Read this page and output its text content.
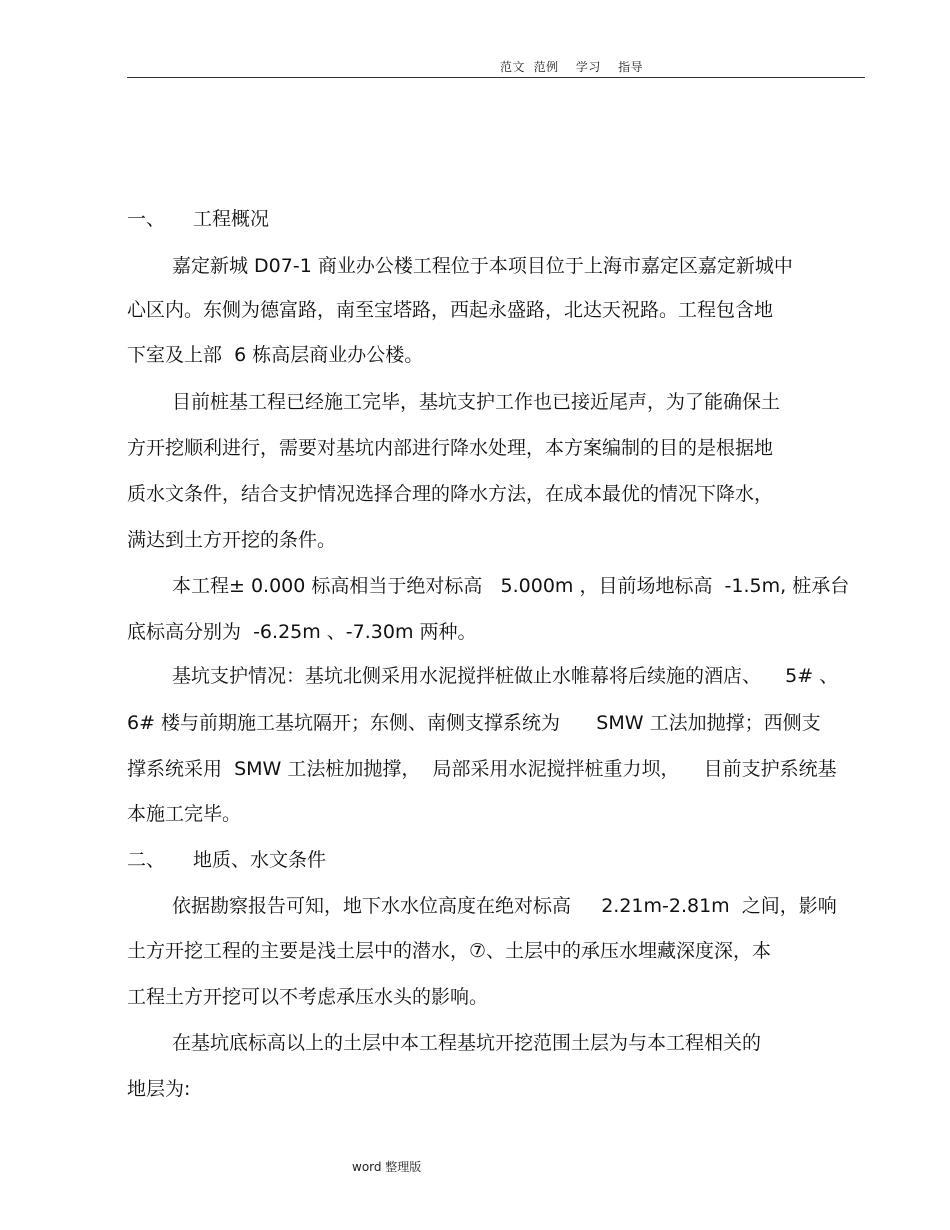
范文  范例    学习    指导
一、 工程概况
嘉定新城 D07-1 商业办公楼工程位于本项目位于上海市嘉定区嘉定新城中
心区内。东侧为德富路，南至宝塔路，西起永盛路，北达天祝路。工程包含地
下室及上部  6 栋高层商业办公楼。
目前桩基工程已经施工完毕，基坑支护工作也已接近尾声，为了能确保土
方开挖顺利进行，需要对基坑内部进行降水处理，本方案编制的目的是根据地
质水文条件，结合支护情况选择合理的降水方法，在成本最优的情况下降水，
满达到土方开挖的条件。
本工程± 0.000 标高相当于绝对标高   5.000m ，目前场地标高  -1.5m, 桩承台
底标高分别为  -6.25m 、-7.30m 两种。
基坑支护情况：基坑北侧采用水泥搅拌桩做止水帷幕将后续施的酒店、    5# 、
6# 楼与前期施工基坑隔开；东侧、南侧支撑系统为      SMW 工法加抛撑；西侧支
撑系统采用  SMW 工法桩加抛撑，  局部采用水泥搅拌桩重力坝，    目前支护系统基
本施工完毕。
二、 地质、水文条件
依据勘察报告可知，地下水水位高度在绝对标高     2.21m-2.81m  之间，影响
土方开挖工程的主要是浅土层中的潜水，⑦、土层中的承压水埋藏深度深，本
工程土方开挖可以不考虑承压水头的影响。
在基坑底标高以上的土层中本工程基坑开挖范围土层为与本工程相关的
地层为:
word 整理版
